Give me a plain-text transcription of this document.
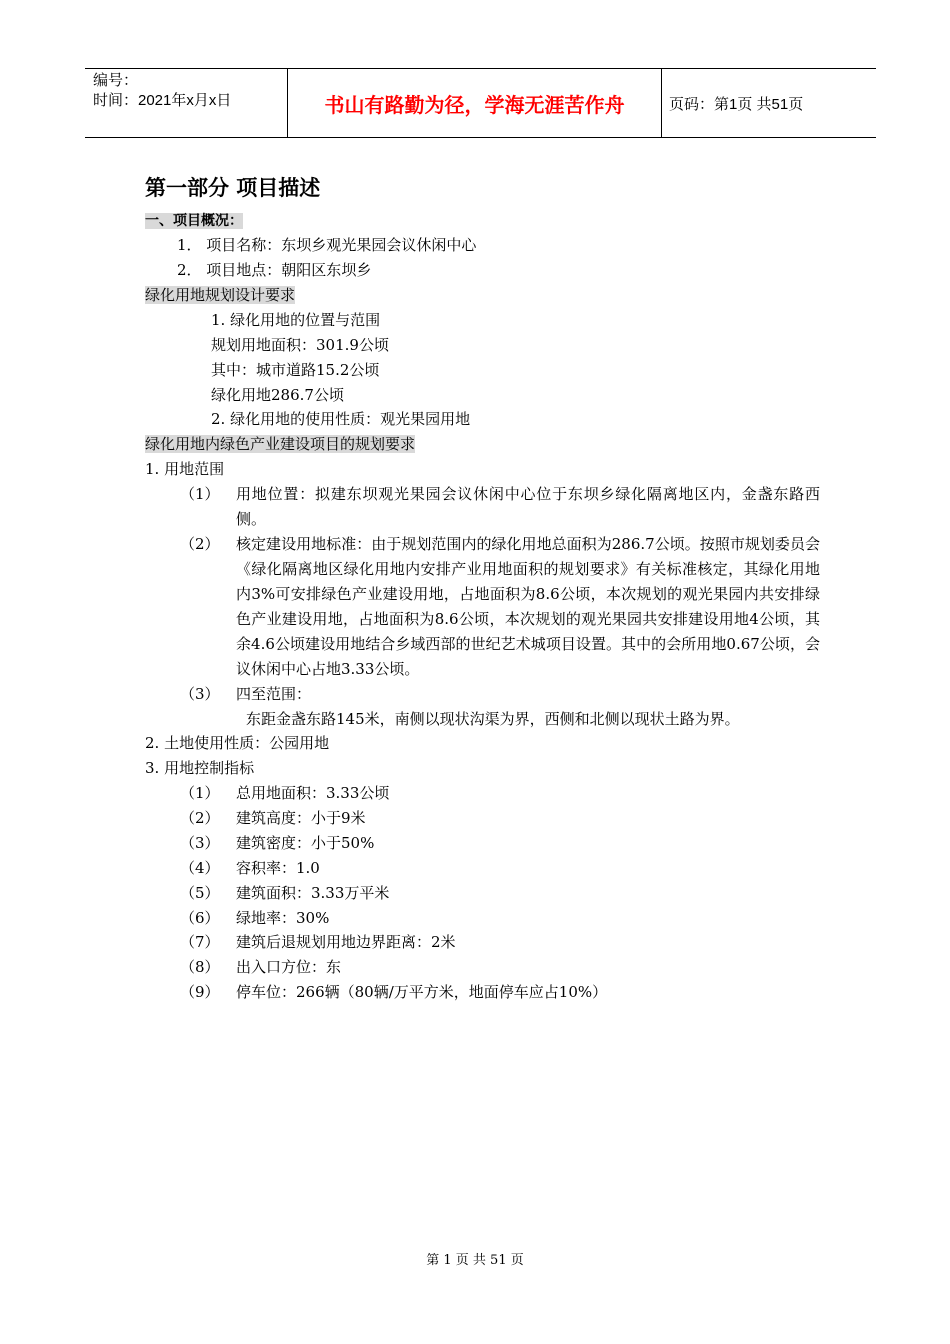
编号：
时间：2021年x月x日	书山有路勤为径，学海无涯苦作舟	页码：第1页 共51页
第一部分 项目描述
一、项目概况：
1． 项目名称：东坝乡观光果园会议休闲中心
2． 项目地点：朝阳区东坝乡
绿化用地规划设计要求
1. 绿化用地的位置与范围
规划用地面积：301.9公顷
其中：城市道路15.2公顷
绿化用地286.7公顷
2. 绿化用地的使用性质：观光果园用地
绿化用地内绿色产业建设项目的规划要求
1. 用地范围
（1） 用地位置：拟建东坝观光果园会议休闲中心位于东坝乡绿化隔离地区内，金盏东路西侧。
（2） 核定建设用地标准：由于规划范围内的绿化用地总面积为286.7公顷。按照市规划委员会《绿化隔离地区绿化用地内安排产业用地面积的规划要求》有关标准核定，其绿化用地内3%可安排绿色产业建设用地，占地面积为8.6公顷，本次规划的观光果园内共安排绿色产业建设用地，占地面积为8.6公顷，本次规划的观光果园共安排建设用地4公顷，其余4.6公顷建设用地结合乡域西部的世纪艺术城项目设置。其中的会所用地0.67公顷，会议休闲中心占地3.33公顷。
（3） 四至范围：
东距金盏东路145米，南侧以现状沟渠为界，西侧和北侧以现状土路为界。
2. 土地使用性质：公园用地
3. 用地控制指标
（1） 总用地面积：3.33公顷
（2） 建筑高度：小于9米
（3） 建筑密度：小于50%
（4） 容积率：1.0
（5） 建筑面积：3.33万平米
（6） 绿地率：30%
（7） 建筑后退规划用地边界距离：2米
（8） 出入口方位：东
（9） 停车位：266辆（80辆/万平方米，地面停车应占10%）
第 1 页 共 51 页
